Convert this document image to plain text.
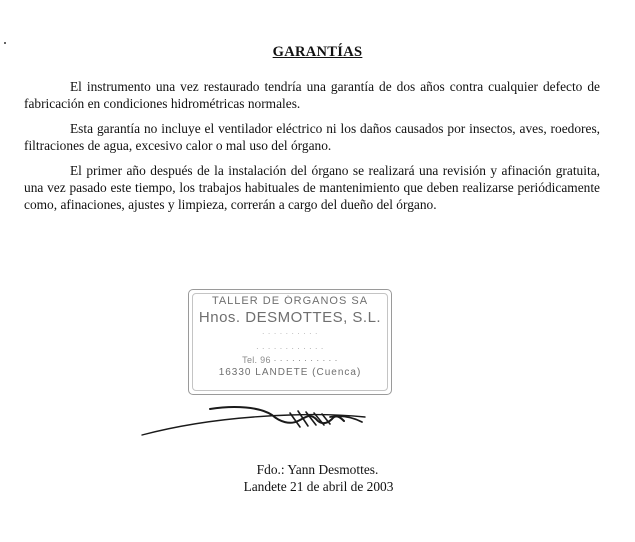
GARANTÍAS

El instrumento una vez restaurado tendría una garantía de dos años contra cualquier defecto de fabricación en condiciones hidrométricas normales.

Esta garantía no incluye el ventilador eléctrico ni los daños causados por insectos, aves, roedores, filtraciones de agua, excesivo calor o mal uso del órgano.

El primer año después de la instalación del órgano se realizará una revisión y afinación gratuita, una vez pasado este tiempo, los trabajos habituales de mantenimiento que deben realizarse periódicamente como, afinaciones, ajustes y limpieza, correrán a cargo del dueño del órgano.

TALLER DE ÓRGANOS SA
Hnos. DESMOTTES, S.L.
· · · · · · · · · ·
· · · · · · · · · · · ·
Tel. 96 · · · · · · · · · · ·
16330 LANDETE (Cuenca)
Fdo.: Yann Desmottes.
Landete 21 de abril de 2003
